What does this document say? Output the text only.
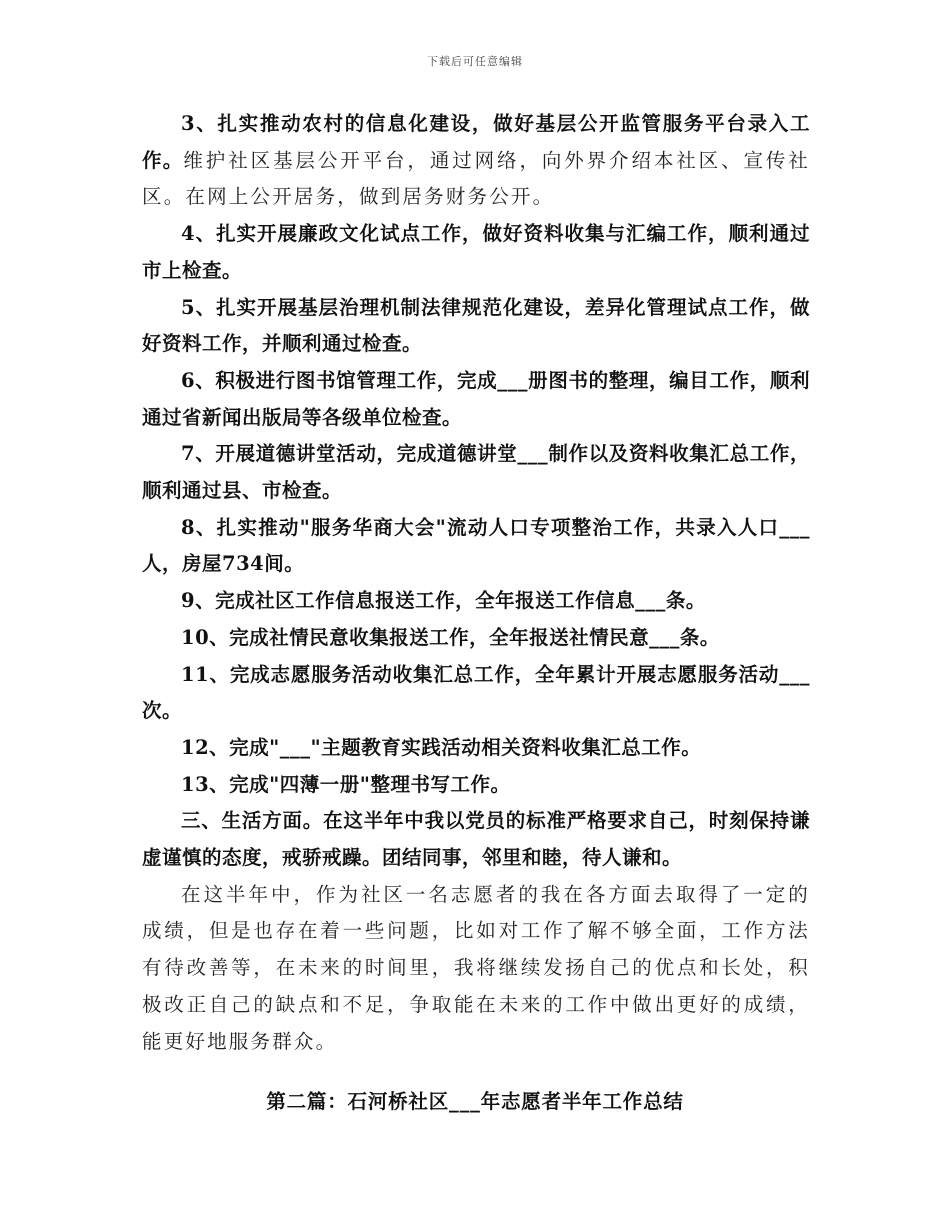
下载后可任意编辑

3、扎实推动农村的信息化建设，做好基层公开监管服务平台录入工作。维护社区基层公开平台，通过网络，向外界介绍本社区、宣传社区。在网上公开居务，做到居务财务公开。

4、扎实开展廉政文化试点工作，做好资料收集与汇编工作，顺利通过市上检查。

5、扎实开展基层治理机制法律规范化建设，差异化管理试点工作，做好资料工作，并顺利通过检查。

6、积极进行图书馆管理工作，完成___册图书的整理，编目工作，顺利通过省新闻出版局等各级单位检查。

7、开展道德讲堂活动，完成道德讲堂___制作以及资料收集汇总工作，顺利通过县、市检查。

8、扎实推动"服务华商大会"流动人口专项整治工作，共录入人口___人，房屋734间。

9、完成社区工作信息报送工作，全年报送工作信息___条。

10、完成社情民意收集报送工作，全年报送社情民意___条。

11、完成志愿服务活动收集汇总工作，全年累计开展志愿服务活动___次。

12、完成"___"主题教育实践活动相关资料收集汇总工作。

13、完成"四薄一册"整理书写工作。

三、生活方面。在这半年中我以党员的标准严格要求自己，时刻保持谦虚谨慎的态度，戒骄戒躁。团结同事，邻里和睦，待人谦和。

在这半年中，作为社区一名志愿者的我在各方面去取得了一定的成绩，但是也存在着一些问题，比如对工作了解不够全面，工作方法有待改善等，在未来的时间里，我将继续发扬自己的优点和长处，积极改正自己的缺点和不足，争取能在未来的工作中做出更好的成绩，能更好地服务群众。

第二篇：石河桥社区___年志愿者半年工作总结
